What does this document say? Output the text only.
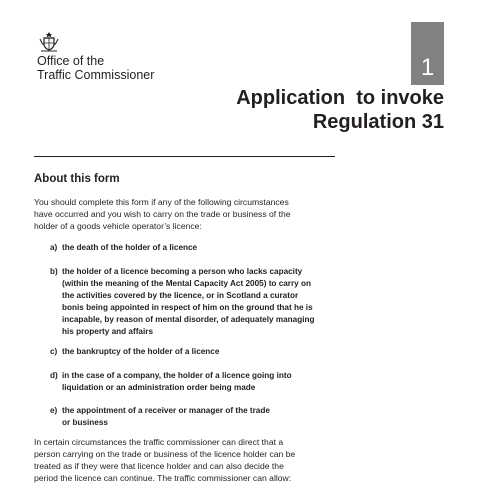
Office of the
Traffic Commissioner	1
Application  to invoke
Regulation 31
About this form
You should complete this form if any of the following circumstances
have occurred and you wish to carry on the trade or business of the
holder of a goods vehicle operator’s licence:
a) the death of the holder of a licence
b) the holder of a licence becoming a person who lacks capacity
(within the meaning of the Mental Capacity Act 2005) to carry on
the activities covered by the licence, or in Scotland a curator
bonis being appointed in respect of him on the ground that he is
incapable, by reason of mental disorder, of adequately managing
his property and affairs
c) the bankruptcy of the holder of a licence
d) in the case of a company, the holder of a licence going into
liquidation or an administration order being made
e) the appointment of a receiver or manager of the trade
or business
In certain circumstances the traffic commissioner can direct that a
person carrying on the trade or business of the licence holder can be
treated as if they were that licence holder and can also decide the
period the licence can continue. The traffic commissioner can allow:
